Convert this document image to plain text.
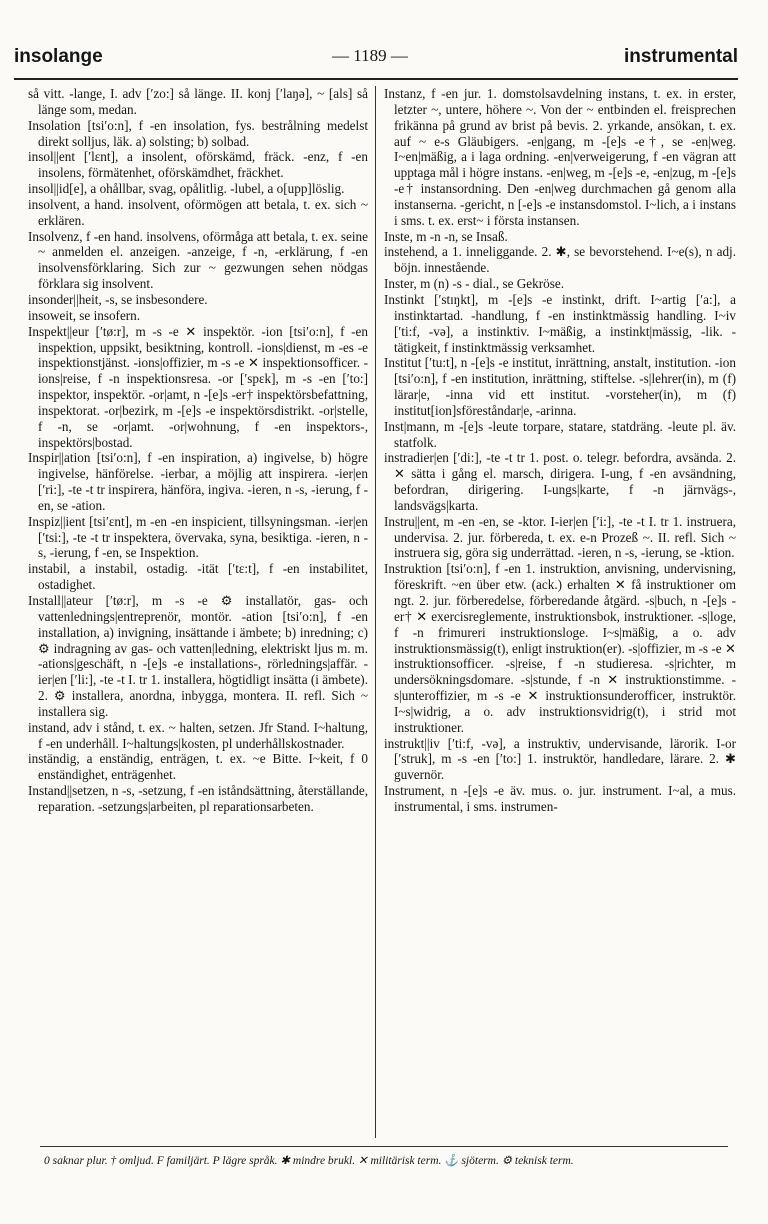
insolange	— 1189 —	instrumental

så vitt. -lange, I. adv [′zo:] så länge. II. konj [′laŋə], ~ [als] så länge som, medan.

Insolation [tsi′o:n], f -en insolation, fys. bestrålning medelst direkt solljus, läk. a) solsting; b) solbad.

insol||ent [′lɛnt], a insolent, oförskämd, fräck. -enz, f -en insolens, förmätenhet, oförskämdhet, fräckhet.

insol||id[e], a ohållbar, svag, opålitlig. -lubel, a o[upp]löslig.

insolvent, a hand. insolvent, oförmögen att betala, t. ex. sich ~ erklären.

Insolvenz, f -en hand. insolvens, oförmåga att betala, t. ex. seine ~ anmelden el. anzeigen. -anzeige, f -n, -erklärung, f -en insolvensförklaring. Sich zur ~ gezwungen sehen nödgas förklara sig insolvent.

insonder||heit, -s, se insbesondere.

insoweit, se insofern.

Inspekt||eur [′tø:r], m -s -e ✕ inspektör. -ion [tsi′o:n], f -en inspektion, uppsikt, besiktning, kontroll. -ions|dienst, m -es -e inspektionstjänst. -ions|offizier, m -s -e ✕ inspektionsofficer. -ions|reise, f -n inspektionsresa. -or [′spɛk], m -s -en [′to:] inspektor, inspektör. -or|amt, n -[e]s -er† inspektörsbefattning, inspektorat. -or|bezirk, m -[e]s -e inspektörsdistrikt. -or|stelle, f -n, se -or|amt. -or|wohnung, f -en inspektors-, inspektörs|bostad.

Inspir||ation [tsi′o:n], f -en inspiration, a) ingivelse, b) högre ingivelse, hänförelse. -ierbar, a möjlig att inspirera. -ier|en [′ri:], -te -t tr inspirera, hänföra, ingiva. -ieren, n -s, -ierung, f -en, se -ation.

Inspiz||ient [tsi′ɛnt], m -en -en inspicient, tillsyningsman. -ier|en [′tsi:], -te -t tr inspektera, övervaka, syna, besiktiga. -ieren, n -s, -ierung, f -en, se Inspektion.

instabil, a instabil, ostadig. -ität [′tɛ:t], f -en instabilitet, ostadighet.

Install||ateur [′tø:r], m -s -e ⚙ installatör, gas- och vattenlednings|entreprenör, montör. -ation [tsi′o:n], f -en installation, a) invigning, insättande i ämbete; b) inredning; c) ⚙ indragning av gas- och vatten|ledning, elektriskt ljus m. m. -ations|geschäft, n -[e]s -e installations-, rörlednings|affär. -ier|en [′li:], -te -t I. tr 1. installera, högtidligt insätta (i ämbete). 2. ⚙ installera, anordna, inbygga, montera. II. refl. Sich ~ installera sig.

instand, adv i stånd, t. ex. ~ halten, setzen. Jfr Stand. I~haltung, f -en underhåll. I~haltungs|kosten, pl underhållskostnader.

inständig, a enständig, enträgen, t. ex. ~e Bitte. I~keit, f 0 enständighet, enträgenhet.

Instand||setzen, n -s, -setzung, f -en iståndsättning, återställande, reparation. -setzungs|arbeiten, pl reparationsarbeten.

Instanz, f -en jur. 1. domstolsavdelning instans, t. ex. in erster, letzter ~, untere, höhere ~. Von der ~ entbinden el. freisprechen frikänna på grund av brist på bevis. 2. yrkande, ansökan, t. ex. auf ~ e-s Gläubigers. -en|gang, m -[e]s -e†, se -en|weg. I~en|mäßig, a i laga ordning. -en|verweigerung, f -en vägran att upptaga mål i högre instans. -en|weg, m -[e]s -e, -en|zug, m -[e]s -e† instansordning. Den -en|weg durchmachen gå genom alla instanserna. -gericht, n [-e]s -e instansdomstol. I~lich, a i instans i sms. t. ex. erst~ i första instansen.

Inste, m -n -n, se Insaß.

instehend, a 1. inneliggande. 2. ✱, se bevorstehend. I~e(s), n adj. böjn. innestående.

Inster, m (n) -s - dial., se Gekröse.

Instinkt [′stɪŋkt], m -[e]s -e instinkt, drift. I~artig [′a:], a instinktartad. -handlung, f -en instinktmässig handling. I~iv [′ti:f, -və], a instinktiv. I~mäßig, a instinkt|mässig, -lik. -tätigkeit, f instinktmässig verksamhet.

Institut [′tu:t], n -[e]s -e institut, inrättning, anstalt, institution. -ion [tsi′o:n], f -en institution, inrättning, stiftelse. -s|lehrer(in), m (f) lärar|e, -inna vid ett institut. -vorsteher(in), m (f) institut[ion]sföreståndar|e, -arinna.

Inst|mann, m -[e]s -leute torpare, statare, statdräng. -leute pl. äv. statfolk.

instradier|en [′di:], -te -t tr 1. post. o. telegr. befordra, avsända. 2. ✕ sätta i gång el. marsch, dirigera. I-ung, f -en avsändning, befordran, dirigering. I-ungs|karte, f -n järnvägs-, landsvägs|karta.

Instru||ent, m -en -en, se -ktor. I-ier|en [′i:], -te -t I. tr 1. instruera, undervisa. 2. jur. förbereda, t. ex. e-n Prozeß ~. II. refl. Sich ~ instruera sig, göra sig underrättad. -ieren, n -s, -ierung, se -ktion.

Instruktion [tsi′o:n], f -en 1. instruktion, anvisning, undervisning, föreskrift. ~en über etw. (ack.) erhalten ✕ få instruktioner om ngt. 2. jur. förberedelse, förberedande åtgärd. -s|buch, n -[e]s -er† ✕ exercisreglemente, instruktionsbok, instruktioner. -s|loge, f -n frimureri instruktionsloge. I~s|mäßig, a o. adv instruktionsmässig(t), enligt instruktion(er). -s|offizier, m -s -e ✕ instruktionsofficer. -s|reise, f -n studieresa. -s|richter, m undersökningsdomare. -s|stunde, f -n ✕ instruktionstimme. -s|unteroffizier, m -s -e ✕ instruktionsunderofficer, instruktör. I~s|widrig, a o. adv instruktionsvidrig(t), i strid mot instruktioner.

instrukt||iv [′ti:f, -və], a instruktiv, undervisande, lärorik. I-or [′struk], m -s -en [′to:] 1. instruktör, handledare, lärare. 2. ✱ guvernör.

Instrument, n -[e]s -e äv. mus. o. jur. instrument. I~al, a mus. instrumental, i sms. instrumen-

0 saknar plur. † omljud. F familjärt. P lägre språk. ✱ mindre brukl. ✕ militärisk term. ⚓ sjöterm. ⚙ teknisk term.
